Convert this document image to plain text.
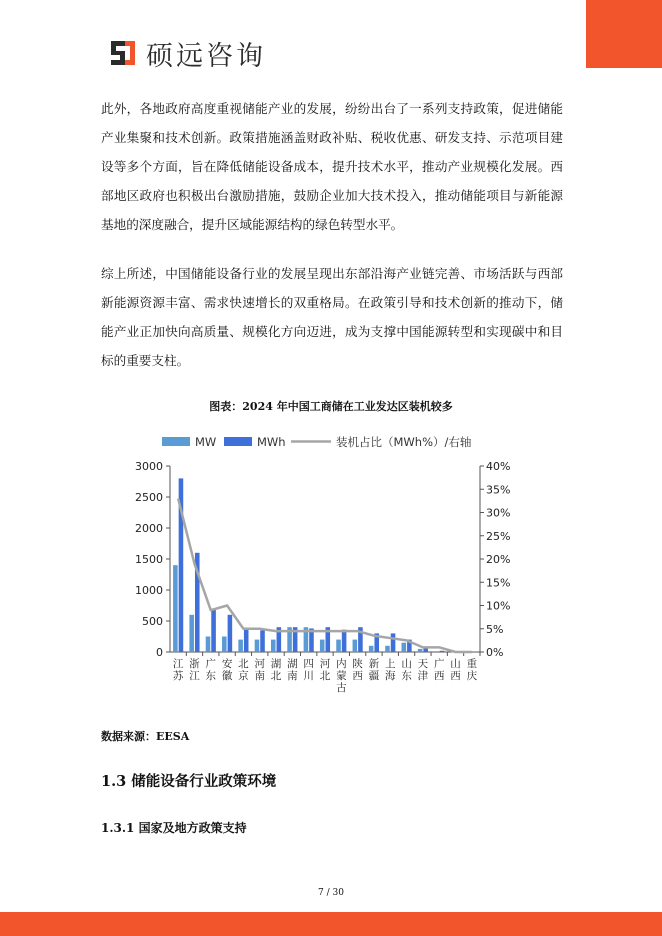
硕远咨询

此外，各地政府高度重视储能产业的发展，纷纷出台了一系列支持政策，促进储能产业集聚和技术创新。政策措施涵盖财政补贴、税收优惠、研发支持、示范项目建设等多个方面，旨在降低储能设备成本，提升技术水平，推动产业规模化发展。西部地区政府也积极出台激励措施，鼓励企业加大技术投入，推动储能项目与新能源基地的深度融合，提升区域能源结构的绿色转型水平。

综上所述，中国储能设备行业的发展呈现出东部沿海产业链完善、市场活跃与西部新能源资源丰富、需求快速增长的双重格局。在政策引导和技术创新的推动下，储能产业正加快向高质量、规模化方向迈进，成为支撑中国能源转型和实现碳中和目标的重要支柱。

图表：2024 年中国工商储在工业发达区装机较多
MW	MWh	装机占比（MWh%）/右轴
0
500
1000
1500
2000
2500
3000
0%
5%
10%
15%
20%
25%
30%
35%
40%
江苏
浙江
广东
安徽
北京
河南
湖北
湖南
四川
河北
内蒙古
陕西
新疆
上海
山东
天津
广西
山西
重庆
数据来源：EESA
1.3 储能设备行业政策环境
1.3.1 国家及地方政策支持
7 / 30
